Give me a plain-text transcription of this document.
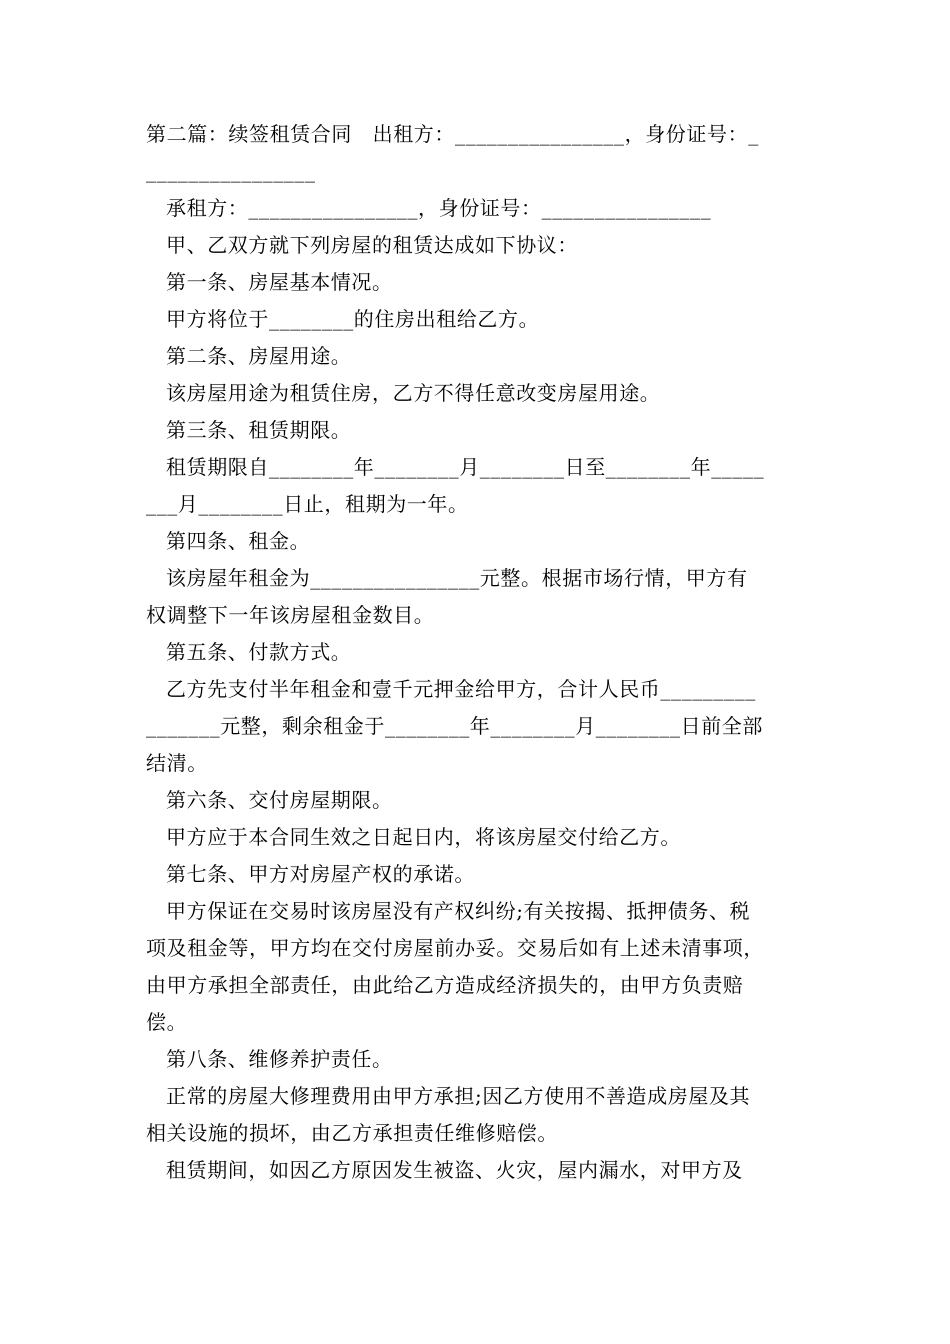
第二篇：续签租赁合同　出租方：________________，身份证号：_

________________

承租方：________________，身份证号：________________

甲、乙双方就下列房屋的租赁达成如下协议：

第一条、房屋基本情况。

甲方将位于________的住房出租给乙方。

第二条、房屋用途。

该房屋用途为租赁住房，乙方不得任意改变房屋用途。

第三条、租赁期限。

租赁期限自________年________月________日至________年_____

___月________日止，租期为一年。

第四条、租金。

该房屋年租金为________________元整。根据市场行情，甲方有

权调整下一年该房屋租金数目。

第五条、付款方式。

乙方先支付半年租金和壹千元押金给甲方，合计人民币_________

_______元整，剩余租金于________年________月________日前全部

结清。

第六条、交付房屋期限。

甲方应于本合同生效之日起日内，将该房屋交付给乙方。

第七条、甲方对房屋产权的承诺。

甲方保证在交易时该房屋没有产权纠纷;有关按揭、抵押债务、税

项及租金等，甲方均在交付房屋前办妥。交易后如有上述未清事项，

由甲方承担全部责任，由此给乙方造成经济损失的，由甲方负责赔

偿。

第八条、维修养护责任。

正常的房屋大修理费用由甲方承担;因乙方使用不善造成房屋及其

相关设施的损坏，由乙方承担责任维修赔偿。

租赁期间，如因乙方原因发生被盗、火灾，屋内漏水，对甲方及
